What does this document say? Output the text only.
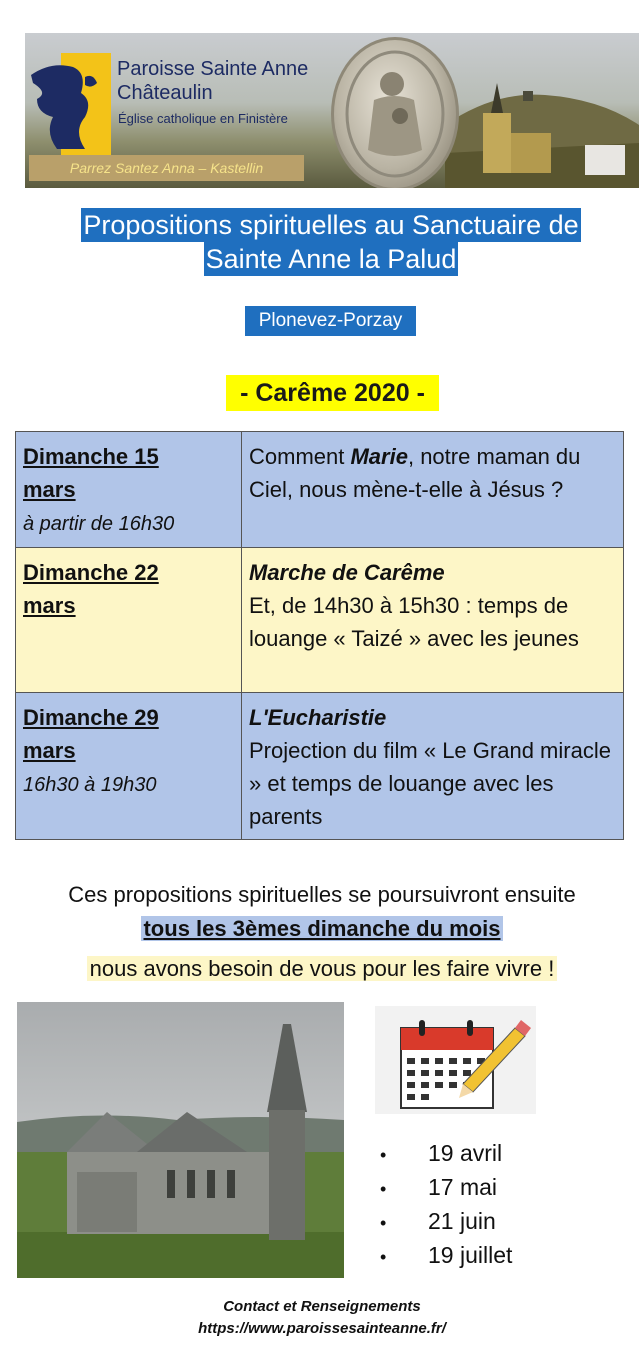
Paroisse Sainte Anne
Châteaulin
Église catholique en Finistère
Parrez Santez Anna – Kastellin
Propositions spirituelles au Sanctuaire de
Sainte Anne la Palud
Plonevez-Porzay
- Carême 2020 -
Dimanche 15
mars
à partir de 16h30	Comment Marie, notre maman du Ciel, nous mène-t-elle à Jésus ?
Dimanche 22
mars	Marche de Carême
Et, de 14h30 à 15h30 : temps de louange « Taizé » avec les jeunes
Dimanche 29
mars
16h30 à 19h30	L'Eucharistie
Projection du film « Le Grand miracle » et temps de louange avec les parents
Ces propositions spirituelles se poursuivront ensuite
tous les 3èmes dimanche du mois
nous avons besoin de vous pour les faire vivre !
• 19 avril
• 17 mai
• 21 juin
• 19 juillet
Contact et Renseignements
https://www.paroissesainteanne.fr/
